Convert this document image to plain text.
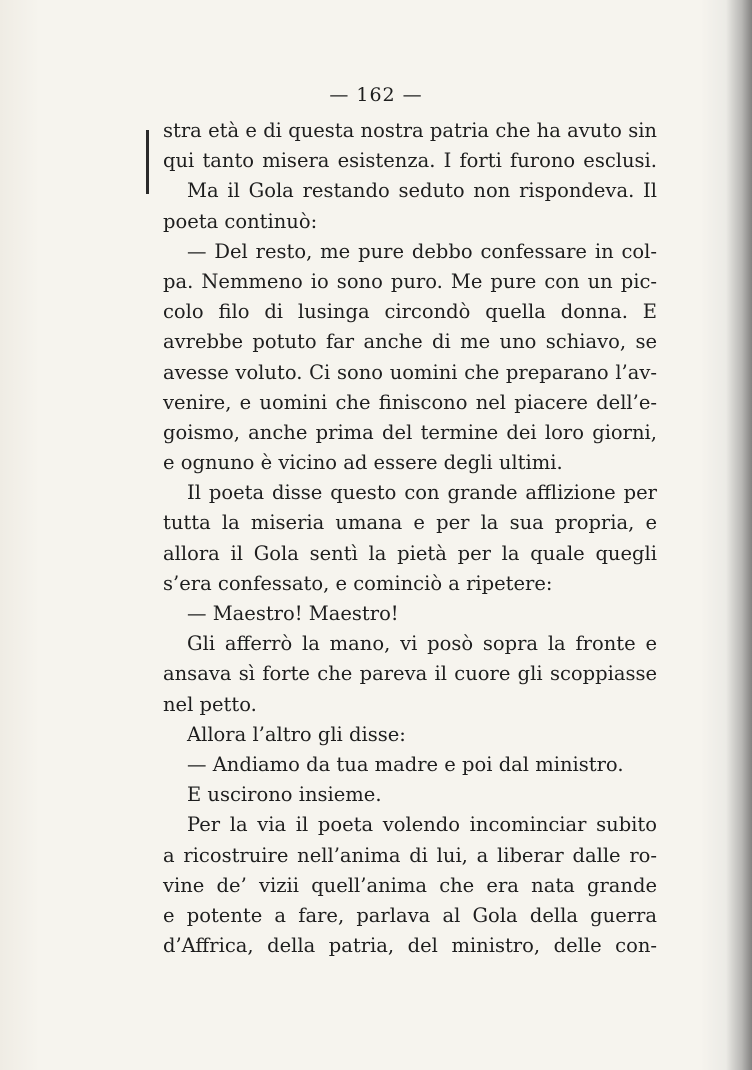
— 162 —
stra età e di questa nostra patria che ha avuto sin
qui tanto misera esistenza. I forti furono esclusi.
Ma il Gola restando seduto non rispondeva. Il
poeta continuò:
— Del resto, me pure debbo confessare in col-
pa. Nemmeno io sono puro. Me pure con un pic-
colo filo di lusinga circondò quella donna. E
avrebbe potuto far anche di me uno schiavo, se
avesse voluto. Ci sono uomini che preparano l’av-
venire, e uomini che finiscono nel piacere dell’e-
goismo, anche prima del termine dei loro giorni,
e ognuno è vicino ad essere degli ultimi.
Il poeta disse questo con grande afflizione per
tutta la miseria umana e per la sua propria, e
allora il Gola sentì la pietà per la quale quegli
s’era confessato, e cominciò a ripetere:
— Maestro! Maestro!
Gli afferrò la mano, vi posò sopra la fronte e
ansava sì forte che pareva il cuore gli scoppiasse
nel petto.
Allora l’altro gli disse:
— Andiamo da tua madre e poi dal ministro.
E uscirono insieme.
Per la via il poeta volendo incominciar subito
a ricostruire nell’anima di lui, a liberar dalle ro-
vine de’ vizii quell’anima che era nata grande
e potente a fare, parlava al Gola della guerra
d’Affrica, della patria, del ministro, delle con-
